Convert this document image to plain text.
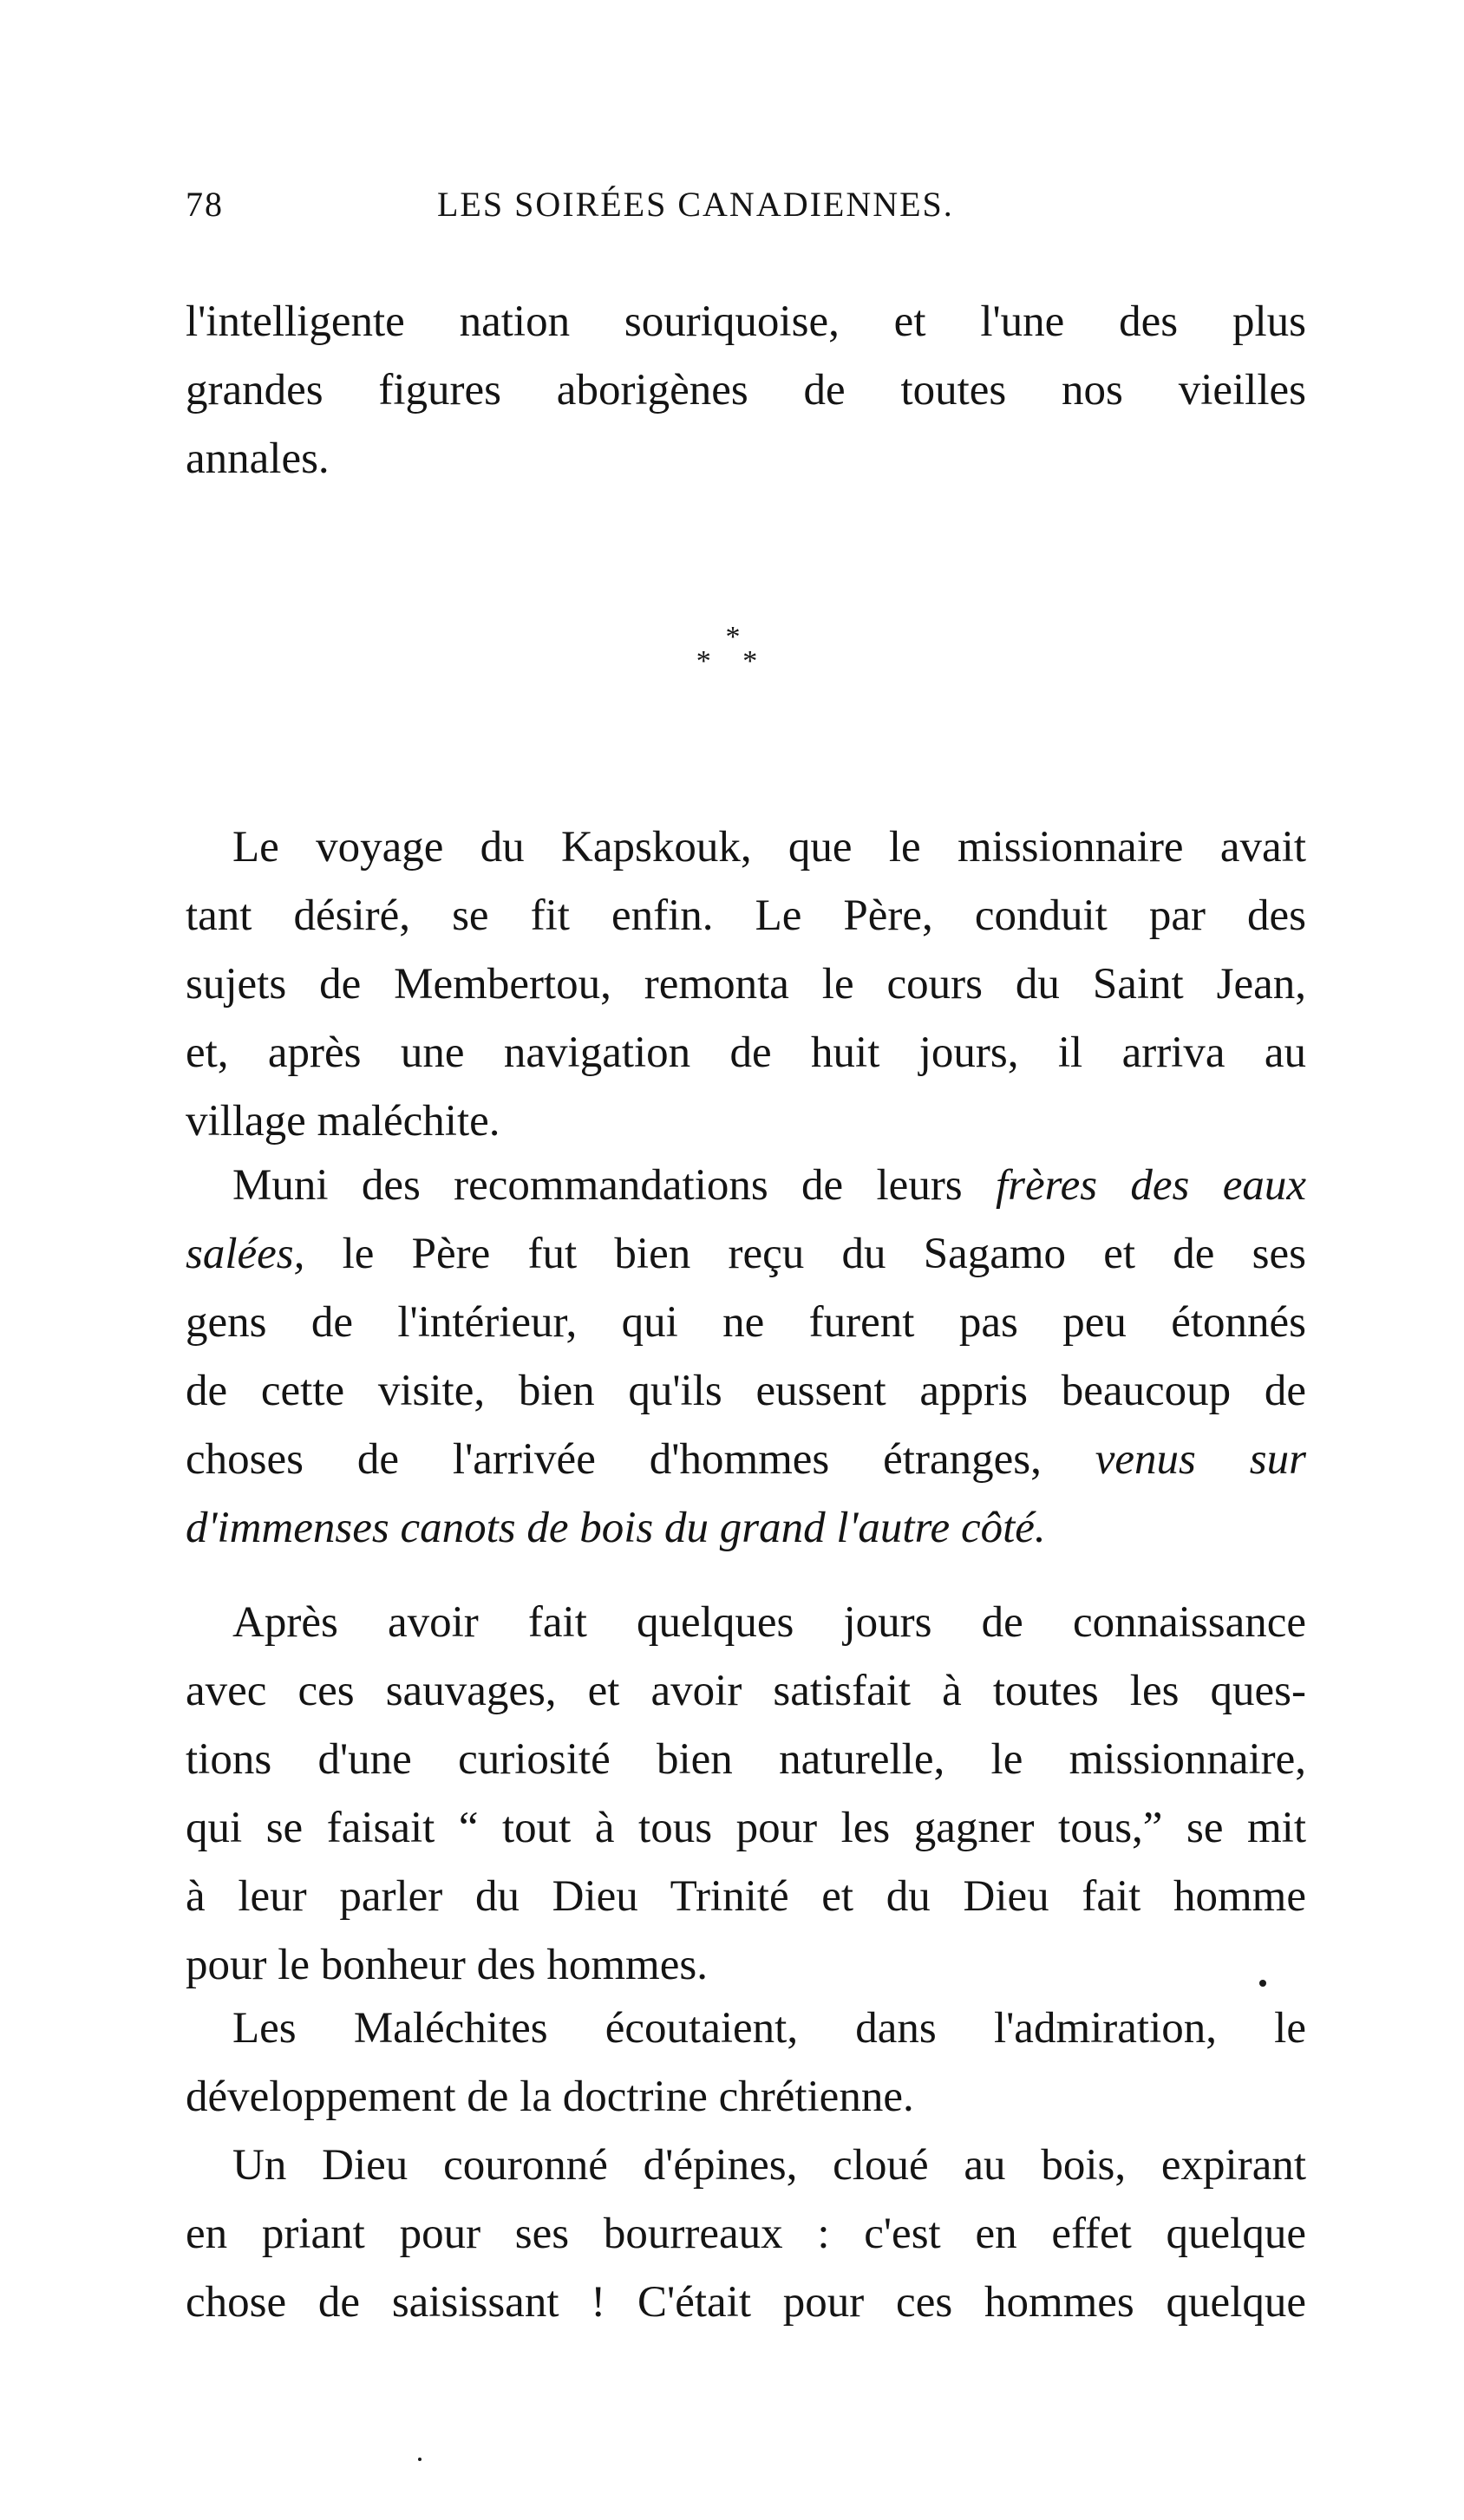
78	LES SOIRÉES CANADIENNES.
l'intelligente nation souriquoise, et l'une des plus
grandes figures aborigènes de toutes nos vieilles
annales.
*
* *
Le voyage du Kapskouk, que le missionnaire avait
tant désiré, se fit enfin. Le Père, conduit par des
sujets de Membertou, remonta le cours du Saint Jean,
et, après une navigation de huit jours, il arriva au
village maléchite.
Muni des recommandations de leurs frères des eaux
salées, le Père fut bien reçu du Sagamo et de ses
gens de l'intérieur, qui ne furent pas peu étonnés
de cette visite, bien qu'ils eussent appris beaucoup de
choses de l'arrivée d'hommes étranges, venus sur
d'immenses canots de bois du grand l'autre côté.
Après avoir fait quelques jours de connaissance
avec ces sauvages, et avoir satisfait à toutes les ques-
tions d'une curiosité bien naturelle, le missionnaire,
qui se faisait “ tout à tous pour les gagner tous,” se mit
à leur parler du Dieu Trinité et du Dieu fait homme
pour le bonheur des hommes.
Les Maléchites écoutaient, dans l'admiration, le
développement de la doctrine chrétienne.
Un Dieu couronné d'épines, cloué au bois, expirant
en priant pour ses bourreaux : c'est en effet quelque
chose de saisissant ! C'était pour ces hommes quelque
